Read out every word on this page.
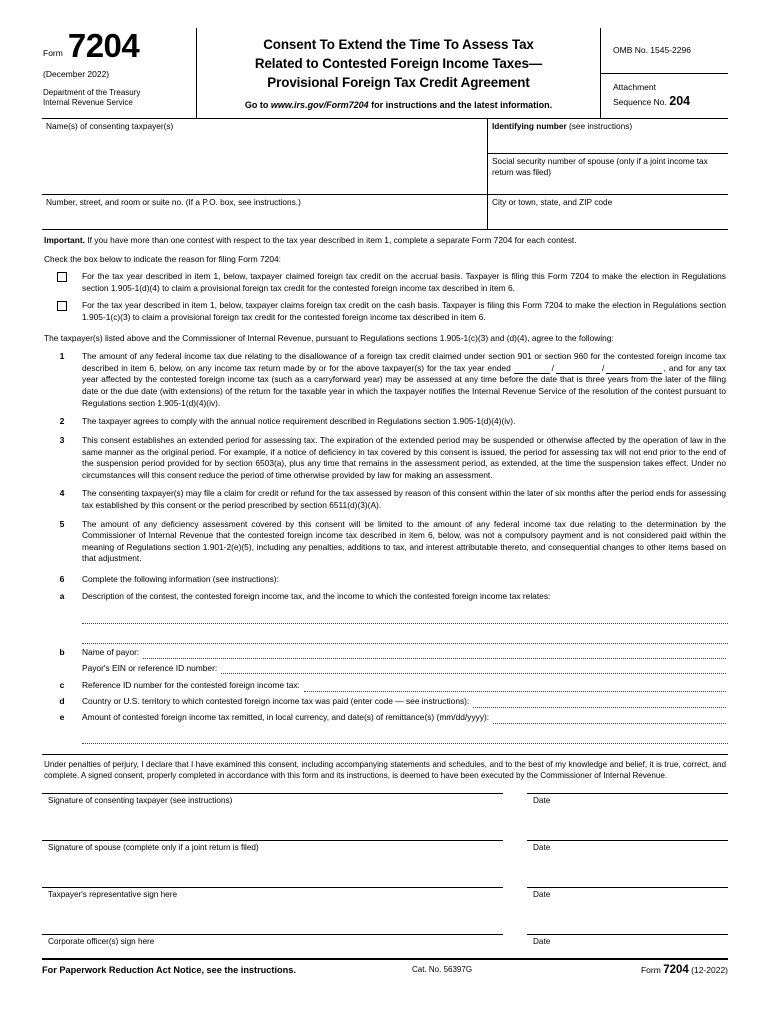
Form 7204
(December 2022)
Department of the Treasury
Internal Revenue Service
Consent To Extend the Time To Assess Tax
Related to Contested Foreign Income Taxes—
Provisional Foreign Tax Credit Agreement
Go to www.irs.gov/Form7204 for instructions and the latest information.
OMB No. 1545-2296
Attachment
Sequence No. 204
Name(s) of consenting taxpayer(s)	Identifying number (see instructions)
Social security number of spouse (only if a joint income tax return was filed)
Number, street, and room or suite no. (If a P.O. box, see instructions.)	City or town, state, and ZIP code
Important. If you have more than one contest with respect to the tax year described in item 1, complete a separate Form 7204 for each contest.
Check the box below to indicate the reason for filing Form 7204:
For the tax year described in item 1, below, taxpayer claimed foreign tax credit on the accrual basis. Taxpayer is filing this Form 7204 to make the election in Regulations section 1.905-1(d)(4) to claim a provisional foreign tax credit for the contested foreign income tax described in item 6.
For the tax year described in item 1, below, taxpayer claims foreign tax credit on the cash basis. Taxpayer is filing this Form 7204 to make the election in Regulations section 1.905-1(c)(3) to claim a provisional foreign tax credit for the contested foreign income tax described in item 6.
The taxpayer(s) listed above and the Commissioner of Internal Revenue, pursuant to Regulations sections 1.905-1(c)(3) and (d)(4), agree to the following:
1	The amount of any federal income tax due relating to the disallowance of a foreign tax credit claimed under section 901 or section 960 for the contested foreign income tax described in item 6, below, on any income tax return made by or for the above taxpayer(s) for the tax year ended	/	/	, and for any tax year affected by the contested foreign income tax (such as a carryforward year) may be assessed at any time before the date that is three years from the later of the filing date or the due date (with extensions) of the return for the taxable year in which the taxpayer notifies the Internal Revenue Service of the resolution of the contest pursuant to Regulations section 1.905-1(d)(4)(iv).
2	The taxpayer agrees to comply with the annual notice requirement described in Regulations section 1.905-1(d)(4)(iv).
3	This consent establishes an extended period for assessing tax. The expiration of the extended period may be suspended or otherwise affected by the operation of law in the same manner as the original period. For example, if a notice of deficiency in tax covered by this consent is issued, the period for assessing tax will not end prior to the end of the suspension period provided for by section 6503(a), plus any time that remains in the assessment period, as extended, at the time the suspension takes effect. Under no circumstances will this consent reduce the period of time otherwise provided by law for making an assessment.
4	The consenting taxpayer(s) may file a claim for credit or refund for the tax assessed by reason of this consent within the later of six months after the period ends for assessing tax established by this consent or the period prescribed by section 6511(d)(3)(A).
5	The amount of any deficiency assessment covered by this consent will be limited to the amount of any federal income tax due relating to the determination by the Commissioner of Internal Revenue that the contested foreign income tax described in item 6, below, was not a compulsory payment and is not considered paid within the meaning of Regulations section 1.901-2(e)(5), including any penalties, additions to tax, and interest attributable thereto, and consequential changes to other items based on that adjustment.
6	Complete the following information (see instructions):
a	Description of the contest, the contested foreign income tax, and the income to which the contested foreign income tax relates:
b	Name of payor:
Payor's EIN or reference ID number:
c	Reference ID number for the contested foreign income tax:
d	Country or U.S. territory to which contested foreign income tax was paid (enter code — see instructions):
e	Amount of contested foreign income tax remitted, in local currency, and date(s) of remittance(s) (mm/dd/yyyy):
Under penalties of perjury, I declare that I have examined this consent, including accompanying statements and schedules, and to the best of my knowledge and belief, it is true, correct, and complete. A signed consent, properly completed in accordance with this form and its instructions, is deemed to have been executed by the Commissioner of Internal Revenue.
Signature of consenting taxpayer (see instructions)	Date
Signature of spouse (complete only if a joint return is filed)	Date
Taxpayer's representative sign here	Date
Corporate officer(s) sign here	Date
For Paperwork Reduction Act Notice, see the instructions.	Cat. No. 56397G	Form 7204 (12-2022)
